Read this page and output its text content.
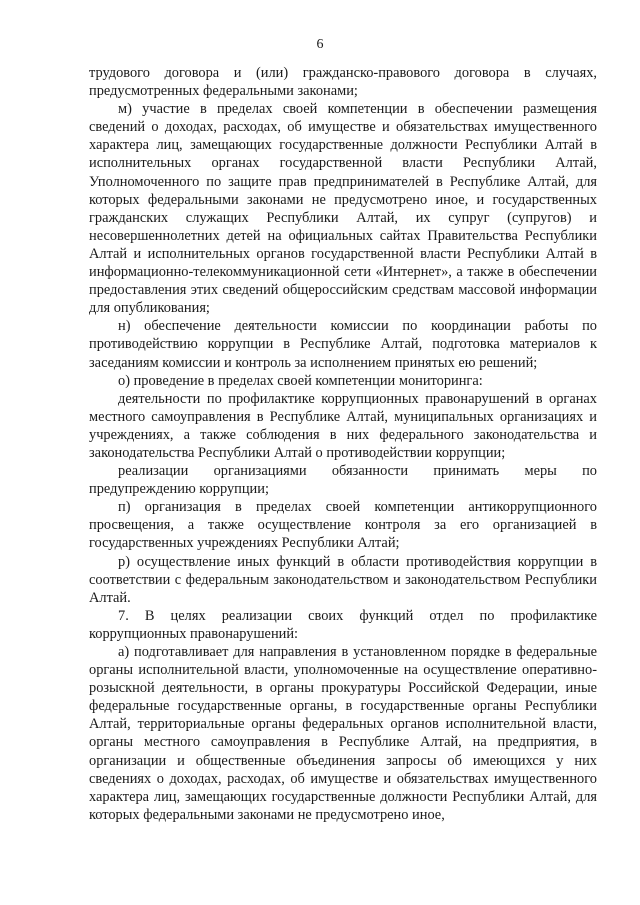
6

трудового договора и (или) гражданско-правового договора в случаях, предусмотренных федеральными законами;

м) участие в пределах своей компетенции в обеспечении размещения сведений о доходах, расходах, об имуществе и обязательствах имущественного характера лиц, замещающих государственные должности Республики Алтай в исполнительных органах государственной власти Республики Алтай, Уполномоченного по защите прав предпринимателей в Республике Алтай, для которых федеральными законами не предусмотрено иное, и государственных гражданских служащих Республики Алтай, их супруг (супругов) и несовершеннолетних детей на официальных сайтах Правительства Республики Алтай и исполнительных органов государственной власти Республики Алтай в информационно-телекоммуникационной сети «Интернет», а также в обеспечении предоставления этих сведений общероссийским средствам массовой информации для опубликования;

н) обеспечение деятельности комиссии по координации работы по противодействию коррупции в Республике Алтай, подготовка материалов к заседаниям комиссии и контроль за исполнением принятых ею решений;

о) проведение в пределах своей компетенции мониторинга:

деятельности по профилактике коррупционных правонарушений в органах местного самоуправления в Республике Алтай, муниципальных организациях и учреждениях, а также соблюдения в них федерального законодательства и законодательства Республики Алтай о противодействии коррупции;

реализации организациями обязанности принимать меры по предупреждению коррупции;

п) организация в пределах своей компетенции антикоррупционного просвещения, а также осуществление контроля за его организацией в государственных учреждениях Республики Алтай;

р) осуществление иных функций в области противодействия коррупции в соответствии с федеральным законодательством и законодательством Республики Алтай.

7. В целях реализации своих функций отдел по профилактике коррупционных правонарушений:

а) подготавливает для направления в установленном порядке в федеральные органы исполнительной власти, уполномоченные на осуществление оперативно-розыскной деятельности, в органы прокуратуры Российской Федерации, иные федеральные государственные органы, в государственные органы Республики Алтай, территориальные органы федеральных органов исполнительной власти, органы местного самоуправления в Республике Алтай, на предприятия, в организации и общественные объединения запросы об имеющихся у них сведениях о доходах, расходах, об имуществе и обязательствах имущественного характера лиц, замещающих государственные должности Республики Алтай, для которых федеральными законами не предусмотрено иное,
